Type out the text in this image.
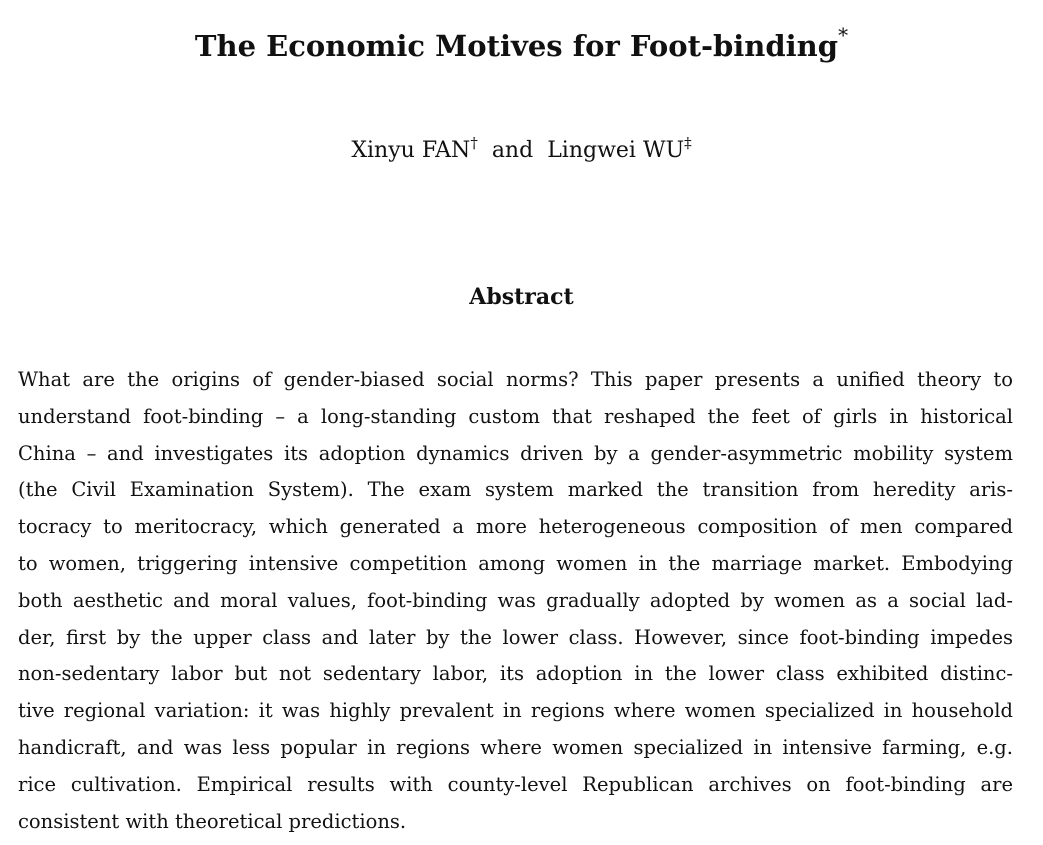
The Economic Motives for Foot-binding*
Xinyu FAN† and Lingwei WU‡
Abstract
What are the origins of gender-biased social norms? This paper presents a unified theory to
understand foot-binding – a long-standing custom that reshaped the feet of girls in historical
China – and investigates its adoption dynamics driven by a gender-asymmetric mobility system
(the Civil Examination System). The exam system marked the transition from heredity aris-
tocracy to meritocracy, which generated a more heterogeneous composition of men compared
to women, triggering intensive competition among women in the marriage market. Embodying
both aesthetic and moral values, foot-binding was gradually adopted by women as a social lad-
der, first by the upper class and later by the lower class. However, since foot-binding impedes
non-sedentary labor but not sedentary labor, its adoption in the lower class exhibited distinc-
tive regional variation: it was highly prevalent in regions where women specialized in household
handicraft, and was less popular in regions where women specialized in intensive farming, e.g.
rice cultivation. Empirical results with county-level Republican archives on foot-binding are
consistent with theoretical predictions.
